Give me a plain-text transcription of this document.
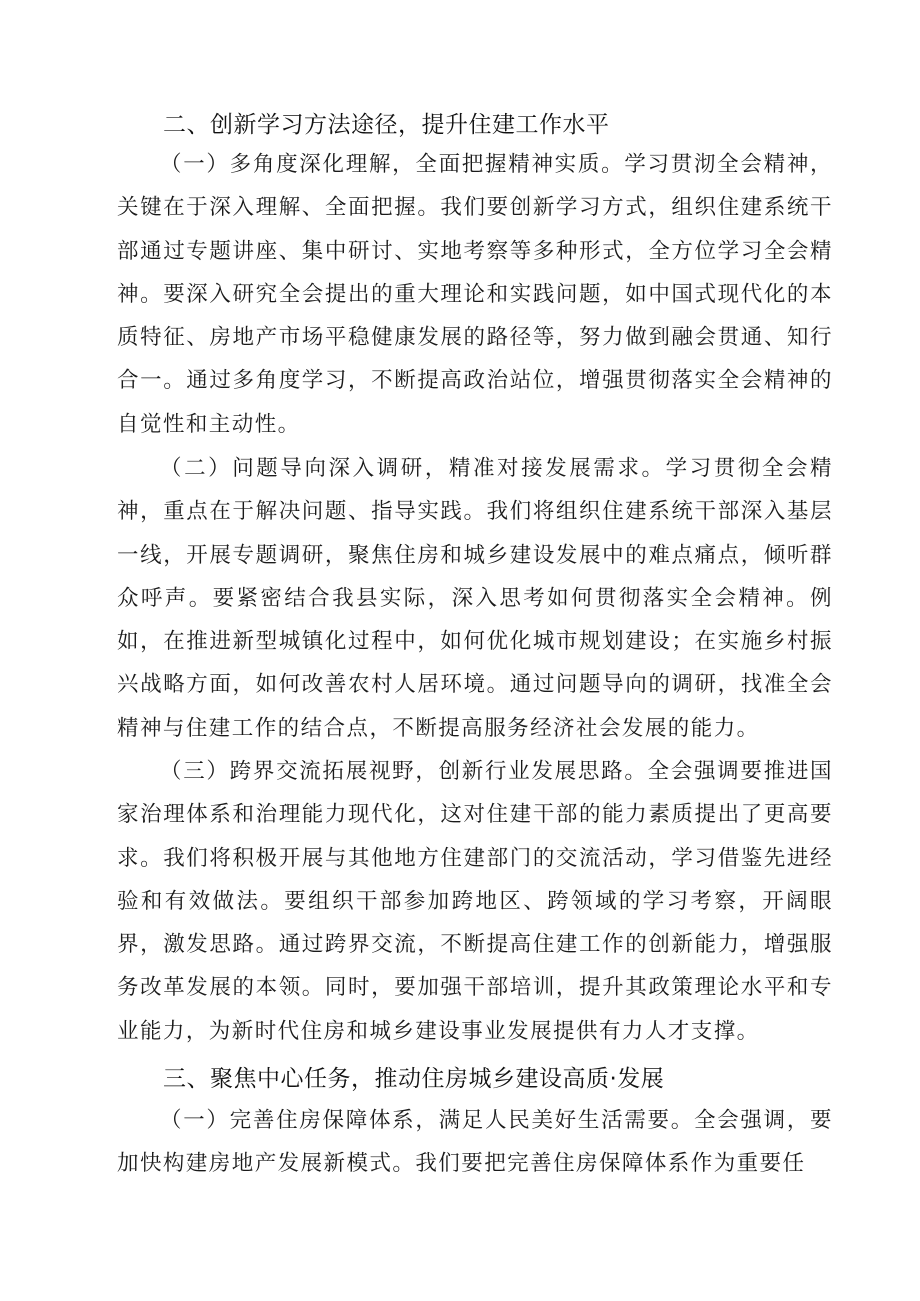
二、创新学习方法途径，提升住建工作水平

（一）多角度深化理解，全面把握精神实质。学习贯沏全会精神，关键在于深入理解、全面把握。我们要创新学习方式，组织住建系统干部通过专题讲座、集中研讨、实地考察等多种形式，全方位学习全会精神。要深入研究全会提出的重大理论和实践问题，如中国式现代化的本质特征、房地产市场平稳健康发展的路径等，努力做到融会贯通、知行合一。通过多角度学习，不断提高政治站位，增强贯彻落实全会精神的自觉性和主动性。

（二）问题导向深入调研，精准对接发展需求。学习贯彻全会精神，重点在于解决问题、指导实践。我们将组织住建系统干部深入基层一线，开展专题调研，聚焦住房和城乡建设发展中的难点痛点，倾听群众呼声。要紧密结合我县实际，深入思考如何贯彻落实全会精神。例如，在推进新型城镇化过程中，如何优化城市规划建设；在实施乡村振兴战略方面，如何改善农村人居环境。通过问题导向的调研，找准全会精神与住建工作的结合点，不断提高服务经济社会发展的能力。

（三）跨界交流拓展视野，创新行业发展思路。全会强调要推进国家治理体系和治理能力现代化，这对住建干部的能力素质提出了更高要求。我们将积极开展与其他地方住建部门的交流活动，学习借鉴先进经验和有效做法。要组织干部参加跨地区、跨领域的学习考察，开阔眼界，激发思路。通过跨界交流，不断提高住建工作的创新能力，增强服务改革发展的本领。同时，要加强干部培训，提升其政策理论水平和专业能力，为新时代住房和城乡建设事业发展提供有力人才支撑。

三、聚焦中心任务，推动住房城乡建设高质·发展

（一）完善住房保障体系，满足人民美好生活需要。全会强调，要加快构建房地产发展新模式。我们要把完善住房保障体系作为重要任
